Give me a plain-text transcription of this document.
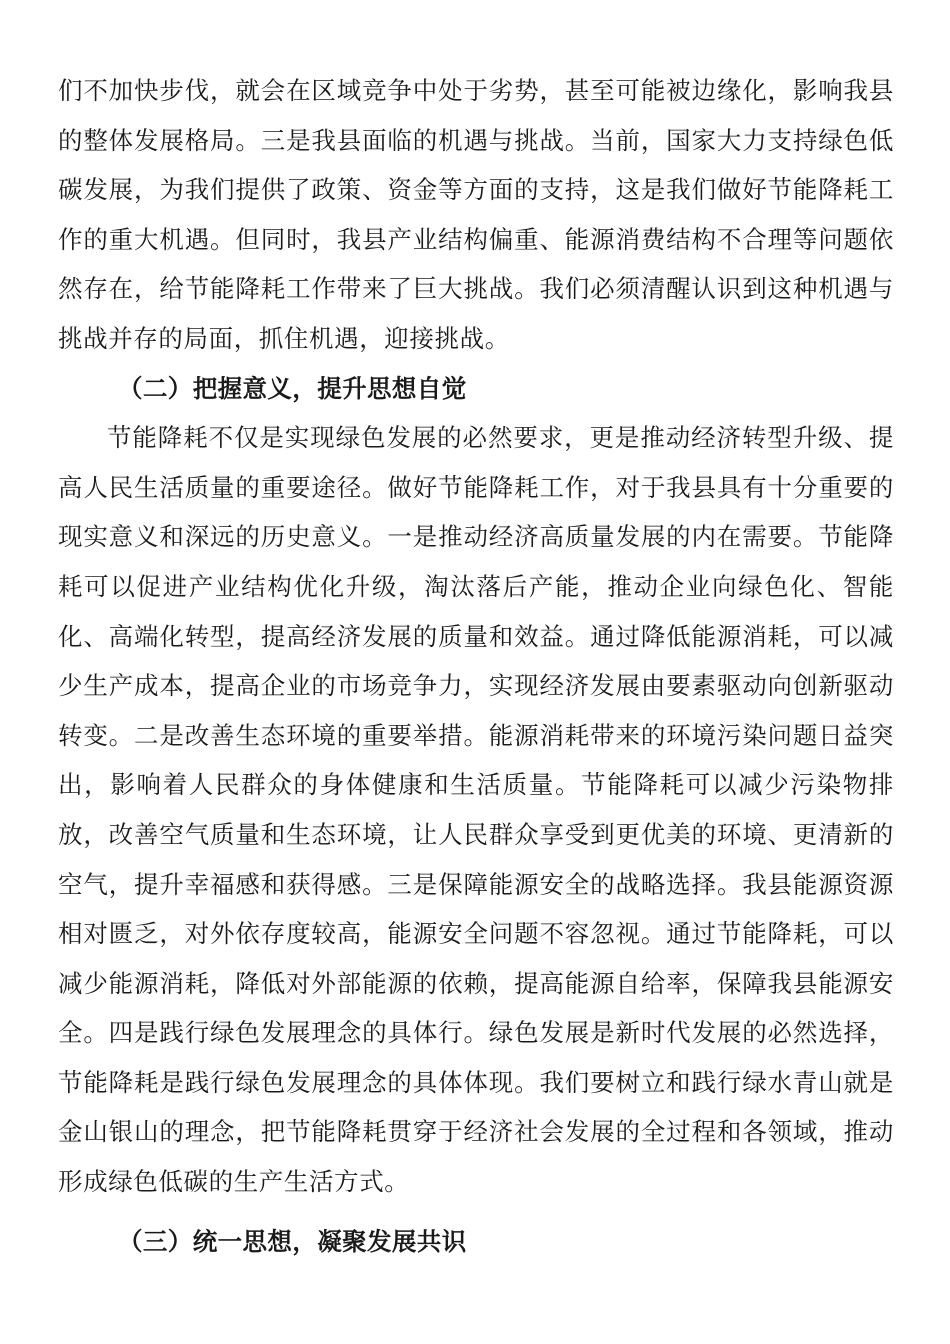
们不加快步伐，就会在区域竞争中处于劣势，甚至可能被边缘化，影响我县的整体发展格局。三是我县面临的机遇与挑战。当前，国家大力支持绿色低碳发展，为我们提供了政策、资金等方面的支持，这是我们做好节能降耗工作的重大机遇。但同时，我县产业结构偏重、能源消费结构不合理等问题依然存在，给节能降耗工作带来了巨大挑战。我们必须清醒认识到这种机遇与挑战并存的局面，抓住机遇，迎接挑战。

（二）把握意义，提升思想自觉

节能降耗不仅是实现绿色发展的必然要求，更是推动经济转型升级、提高人民生活质量的重要途径。做好节能降耗工作，对于我县具有十分重要的现实意义和深远的历史意义。一是推动经济高质量发展的内在需要。节能降耗可以促进产业结构优化升级，淘汰落后产能，推动企业向绿色化、智能化、高端化转型，提高经济发展的质量和效益。通过降低能源消耗，可以减少生产成本，提高企业的市场竞争力，实现经济发展由要素驱动向创新驱动转变。二是改善生态环境的重要举措。能源消耗带来的环境污染问题日益突出，影响着人民群众的身体健康和生活质量。节能降耗可以减少污染物排放，改善空气质量和生态环境，让人民群众享受到更优美的环境、更清新的空气，提升幸福感和获得感。三是保障能源安全的战略选择。我县能源资源相对匮乏，对外依存度较高，能源安全问题不容忽视。通过节能降耗，可以减少能源消耗，降低对外部能源的依赖，提高能源自给率，保障我县能源安全。四是践行绿色发展理念的具体行。绿色发展是新时代发展的必然选择，节能降耗是践行绿色发展理念的具体体现。我们要树立和践行绿水青山就是金山银山的理念，把节能降耗贯穿于经济社会发展的全过程和各领域，推动形成绿色低碳的生产生活方式。

（三）统一思想，凝聚发展共识
